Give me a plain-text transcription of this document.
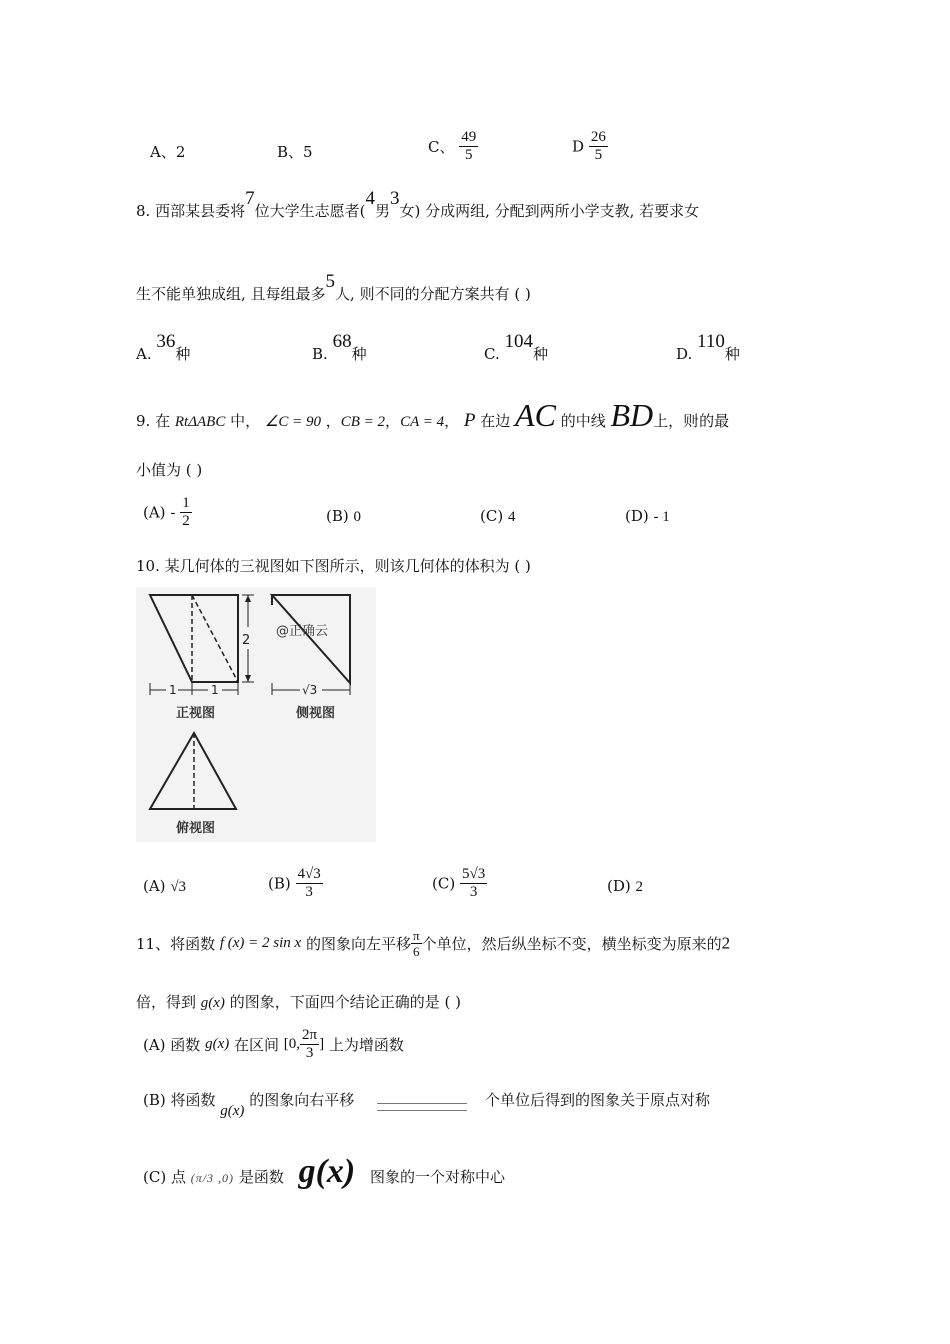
A、2	B、5	C、 $\frac{49}{5}$	D $\frac{26}{5}$
8. 西部某县委将7位大学生志愿者(4男3女) 分成两组, 分配到两所小学支教, 若要求女
生不能单独成组, 且每组最多5人, 则不同的分配方案共有 ( )
A. 36种	B. 68种	C. 104种	D. 110种
9. 在 RtΔABC 中， ∠C = 90 ，CB = 2，CA = 4， P 在边 AC 的中线 BD上，则⃗⃗⃗的最
小值为 ( )
$(A) - \frac{1}{2}$	(B) 0	(C) 4	(D) - 1
10. 某几何体的三视图如下图所示，则该几何体的体积为 ( )
2
1	1
正视图
@正确云
√3
侧视图
俯视图
(A) √3	$(B) \frac{4√3}{3}$	$(C) \frac{5√3}{3}$	(D) 2
11、将函数 f (x) = 2 sin x 的图象向左平移 $\frac{\pi}{6}$ 个单位，然后纵坐标不变，横坐标变为原来的2
倍，得到 g(x) 的图象，下面四个结论正确的是 ( )
(A) 函数 g(x) 在区间 [0, $\frac{2\pi}{3}$ ] 上为增函数
(B) 将函数 g(x) 的图象向右平移	个单位后得到的图象关于原点对称
(C) 点 (π/3 ,0) 是函数 g(x) 图象的一个对称中心
